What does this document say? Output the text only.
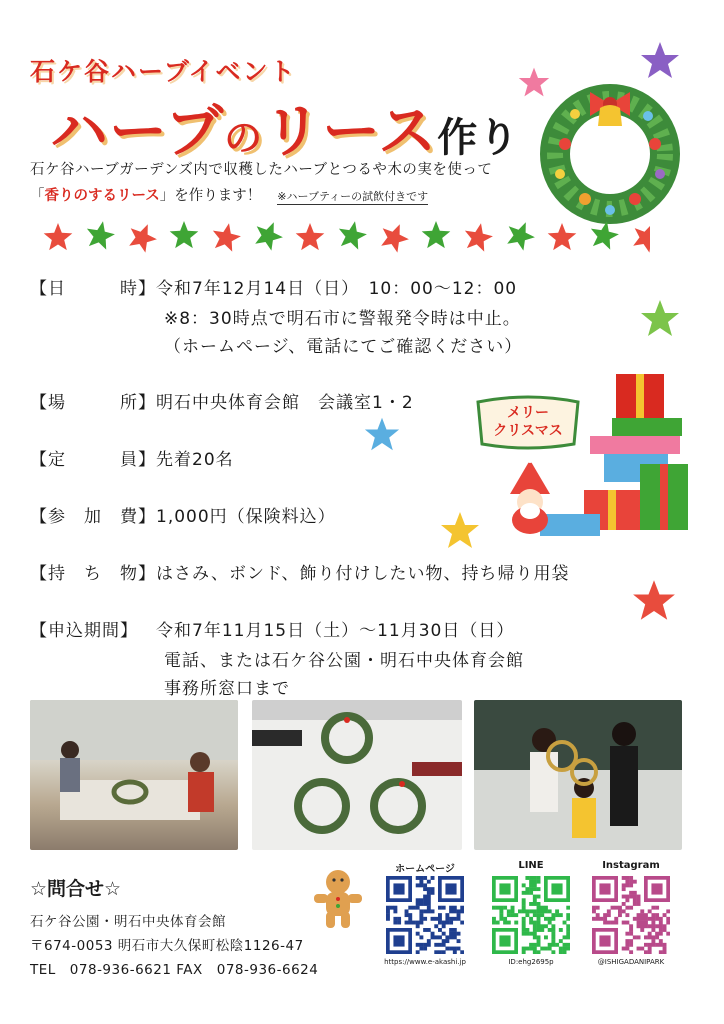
石ケ谷ハーブイベント
ハーブのリース作り
石ケ谷ハーブガーデンズ内で収穫したハーブとつるや木の実を使って
「香りのするリース」を作ります！ ※ハーブティーの試飲付きです
【日　　　時】令和7年12月14日（日）　10：00～12：00
※8：30時点で明石市に警報発令時は中止。
（ホームページ、電話にてご確認ください）
【場　　　所】明石中央体育会館　会議室1・2
【定　　　員】先着20名
【参　加　費】1,000円（保険料込）
【持　ち　物】はさみ、ボンド、飾り付けしたい物、持ち帰り用袋
【申込期間】 令和7年11月15日（土）～11月30日（日）
電話、または石ケ谷公園・明石中央体育会館
事務所窓口まで
メリー
クリスマス
☆問合せ☆
石ケ谷公園・明石中央体育会館
〒674-0053 明石市大久保町松陰1126-47
TEL　078-936-6621 FAX　078-936-6624
ホームページ	LINE	Instagram
https://www.e-akashi.jp	ID:ehg2695p	@ISHIGADANIPARK
